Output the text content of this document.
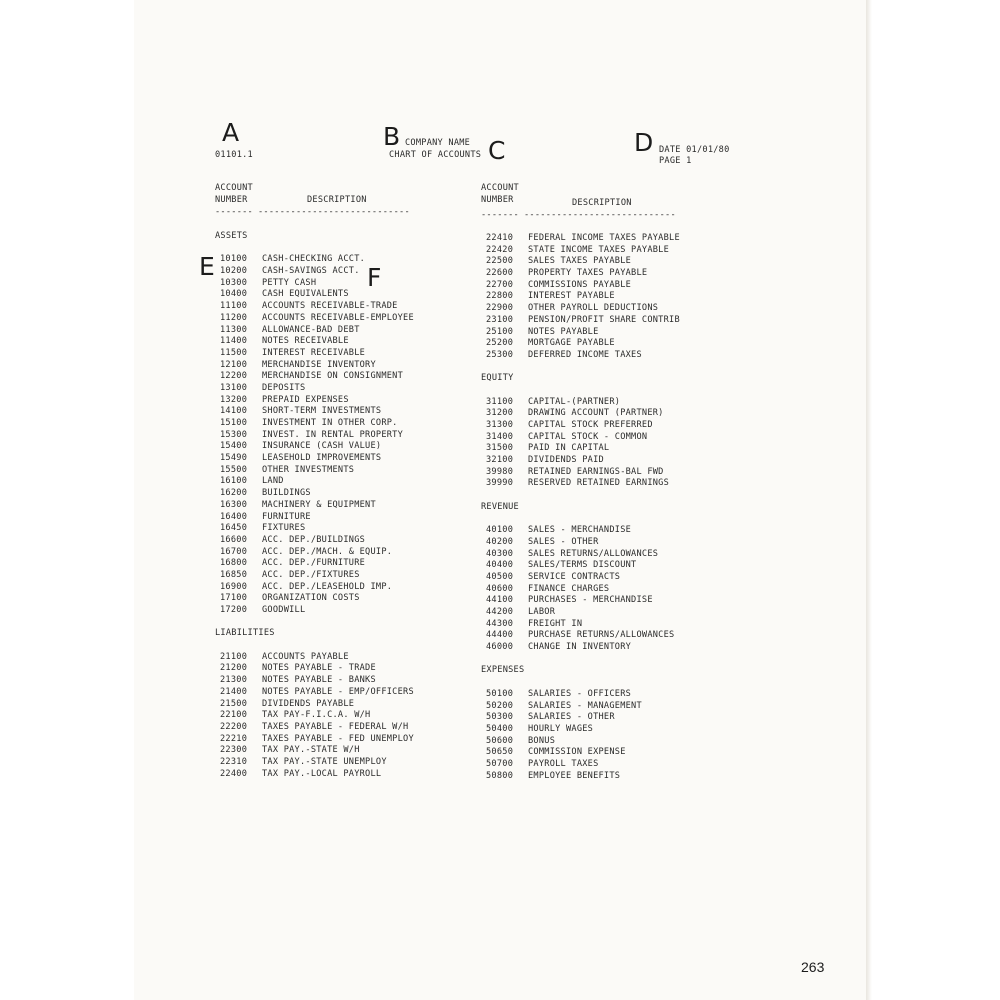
A	B	C	D
E	F
01101.1
COMPANY NAME
CHART OF ACCOUNTS	DATE 01/01/80
PAGE 1
ACCOUNT
NUMBER	DESCRIPTION
------- ----------------------------
ACCOUNT
NUMBER	DESCRIPTION
------- ----------------------------
ASSETS
10100 CASH-CHECKING ACCT.
10200 CASH-SAVINGS ACCT.
10300 PETTY CASH
10400 CASH EQUIVALENTS
11100 ACCOUNTS RECEIVABLE-TRADE
11200 ACCOUNTS RECEIVABLE-EMPLOYEE
11300 ALLOWANCE-BAD DEBT
11400 NOTES RECEIVABLE
11500 INTEREST RECEIVABLE
12100 MERCHANDISE INVENTORY
12200 MERCHANDISE ON CONSIGNMENT
13100 DEPOSITS
13200 PREPAID EXPENSES
14100 SHORT-TERM INVESTMENTS
15100 INVESTMENT IN OTHER CORP.
15300 INVEST. IN RENTAL PROPERTY
15400 INSURANCE (CASH VALUE)
15490 LEASEHOLD IMPROVEMENTS
15500 OTHER INVESTMENTS
16100 LAND
16200 BUILDINGS
16300 MACHINERY & EQUIPMENT
16400 FURNITURE
16450 FIXTURES
16600 ACC. DEP./BUILDINGS
16700 ACC. DEP./MACH. & EQUIP.
16800 ACC. DEP./FURNITURE
16850 ACC. DEP./FIXTURES
16900 ACC. DEP./LEASEHOLD IMP.
17100 ORGANIZATION COSTS
17200 GOODWILL
LIABILITIES
21100 ACCOUNTS PAYABLE
21200 NOTES PAYABLE - TRADE
21300 NOTES PAYABLE - BANKS
21400 NOTES PAYABLE - EMP/OFFICERS
21500 DIVIDENDS PAYABLE
22100 TAX PAY-F.I.C.A. W/H
22200 TAXES PAYABLE - FEDERAL W/H
22210 TAXES PAYABLE - FED UNEMPLOY
22300 TAX PAY.-STATE W/H
22310 TAX PAY.-STATE UNEMPLOY
22400 TAX PAY.-LOCAL PAYROLL
22410 FEDERAL INCOME TAXES PAYABLE
22420 STATE INCOME TAXES PAYABLE
22500 SALES TAXES PAYABLE
22600 PROPERTY TAXES PAYABLE
22700 COMMISSIONS PAYABLE
22800 INTEREST PAYABLE
22900 OTHER PAYROLL DEDUCTIONS
23100 PENSION/PROFIT SHARE CONTRIB
25100 NOTES PAYABLE
25200 MORTGAGE PAYABLE
25300 DEFERRED INCOME TAXES
EQUITY
31100 CAPITAL-(PARTNER)
31200 DRAWING ACCOUNT (PARTNER)
31300 CAPITAL STOCK PREFERRED
31400 CAPITAL STOCK - COMMON
31500 PAID IN CAPITAL
32100 DIVIDENDS PAID
39980 RETAINED EARNINGS-BAL FWD
39990 RESERVED RETAINED EARNINGS
REVENUE
40100 SALES - MERCHANDISE
40200 SALES - OTHER
40300 SALES RETURNS/ALLOWANCES
40400 SALES/TERMS DISCOUNT
40500 SERVICE CONTRACTS
40600 FINANCE CHARGES
44100 PURCHASES - MERCHANDISE
44200 LABOR
44300 FREIGHT IN
44400 PURCHASE RETURNS/ALLOWANCES
46000 CHANGE IN INVENTORY
EXPENSES
50100 SALARIES - OFFICERS
50200 SALARIES - MANAGEMENT
50300 SALARIES - OTHER
50400 HOURLY WAGES
50600 BONUS
50650 COMMISSION EXPENSE
50700 PAYROLL TAXES
50800 EMPLOYEE BENEFITS
263
